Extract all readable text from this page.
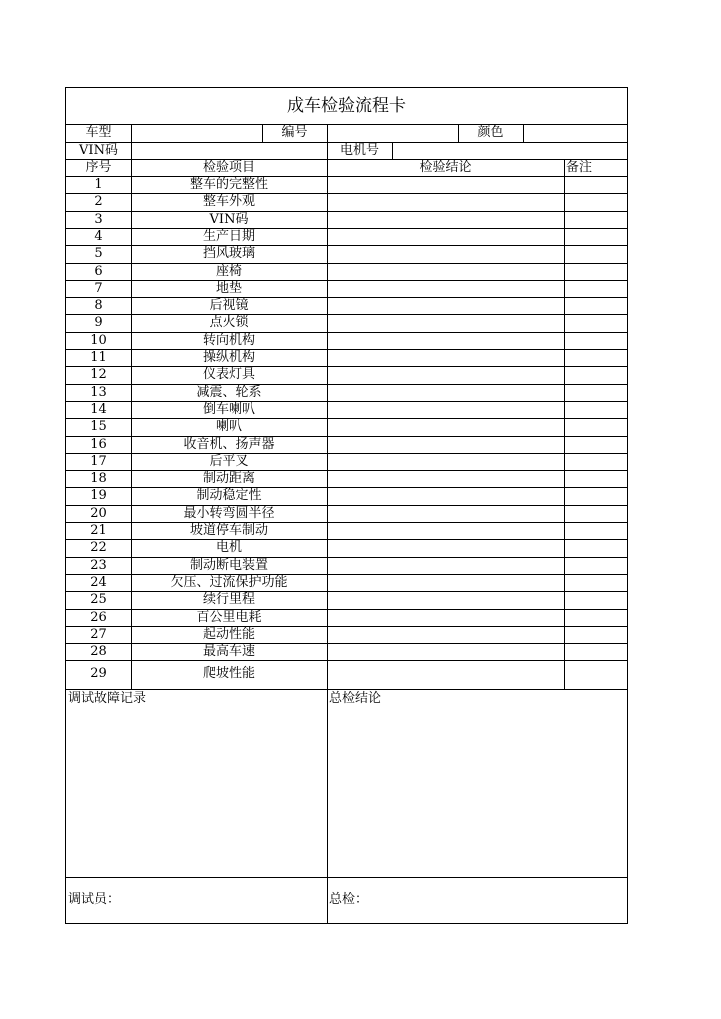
成车检验流程卡
车型	编号	颜色
VIN码	电机号
序号	检验项目	检验结论	备注
1	整车的完整性
2	整车外观
3	VIN码
4	生产日期
5	挡风玻璃
6	座椅
7	地垫
8	后视镜
9	点火锁
10	转向机构
11	操纵机构
12	仪表灯具
13	减震、轮系
14	倒车喇叭
15	喇叭
16	收音机、扬声器
17	后平叉
18	制动距离
19	制动稳定性
20	最小转弯圆半径
21	坡道停车制动
22	电机
23	制动断电装置
24	欠压、过流保护功能
25	续行里程
26	百公里电耗
27	起动性能
28	最高车速
29	爬坡性能
调试故障记录	总检结论
调试员：	总检：
